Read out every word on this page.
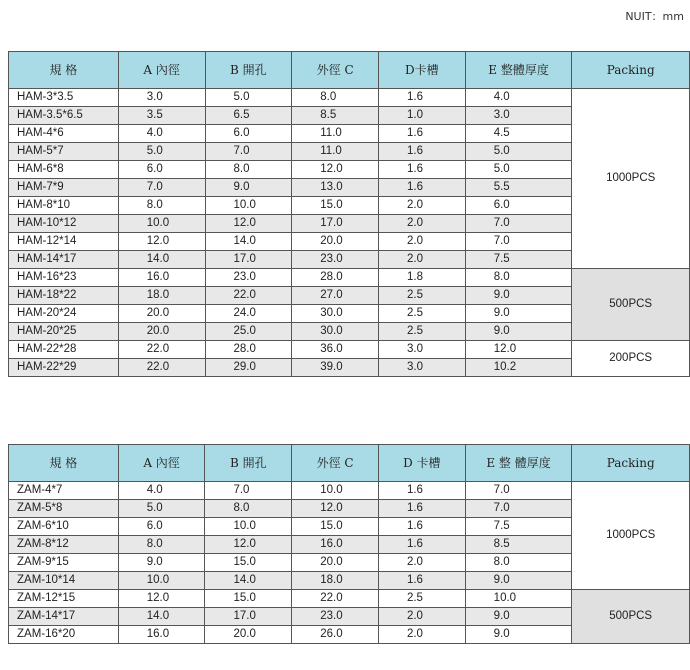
NUIT：mm
規 格	A 內徑	B 開孔	外徑 C	D卡槽	E 整體厚度	Packing
HAM-3*3.5	3.0	5.0	8.0	1.6	4.0	1000PCS
HAM-3.5*6.5	3.5	6.5	8.5	1.0	3.0	
HAM-4*6	4.0	6.0	11.0	1.6	4.5	
HAM-5*7	5.0	7.0	11.0	1.6	5.0	
HAM-6*8	6.0	8.0	12.0	1.6	5.0	
HAM-7*9	7.0	9.0	13.0	1.6	5.5	
HAM-8*10	8.0	10.0	15.0	2.0	6.0	
HAM-10*12	10.0	12.0	17.0	2.0	7.0	
HAM-12*14	12.0	14.0	20.0	2.0	7.0	
HAM-14*17	14.0	17.0	23.0	2.0	7.5	
HAM-16*23	16.0	23.0	28.0	1.8	8.0	500PCS
HAM-18*22	18.0	22.0	27.0	2.5	9.0	
HAM-20*24	20.0	24.0	30.0	2.5	9.0	
HAM-20*25	20.0	25.0	30.0	2.5	9.0	
HAM-22*28	22.0	28.0	36.0	3.0	12.0	200PCS
HAM-22*29	22.0	29.0	39.0	3.0	10.2	
規 格	A 內徑	B 開孔	外徑 C	D 卡槽	E 整 體厚度	Packing
ZAM-4*7	4.0	7.0	10.0	1.6	7.0	1000PCS
ZAM-5*8	5.0	8.0	12.0	1.6	7.0	
ZAM-6*10	6.0	10.0	15.0	1.6	7.5	
ZAM-8*12	8.0	12.0	16.0	1.6	8.5	
ZAM-9*15	9.0	15.0	20.0	2.0	8.0	
ZAM-10*14	10.0	14.0	18.0	1.6	9.0	
ZAM-12*15	12.0	15.0	22.0	2.5	10.0	500PCS
ZAM-14*17	14.0	17.0	23.0	2.0	9.0	
ZAM-16*20	16.0	20.0	26.0	2.0	9.0	
